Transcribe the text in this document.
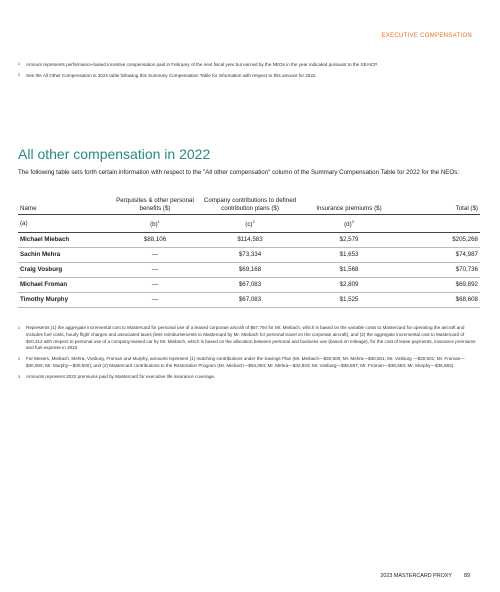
EXECUTIVE COMPENSATION
1	Amount represents performance-based incentive compensation paid in February of the next fiscal year but earned by the NEOs in the year indicated pursuant to the SEAICP.
2	See the All Other Compensation in 2022 table following this Summary Compensation Table for information with respect to this amount for 2022.
All other compensation in 2022
The following table sets forth certain information with respect to the "All other compensation" column of the Summary Compensation Table for 2022 for the NEOs:
Name	Perquisites & other personal benefits ($)	Company contributions to defined contribution plans ($)	Insurance premiums ($)	Total ($)
(a)	$(b)^1$	$(c)^2$	$(d)^3$	
Michael Miebach	$88,106	$114,583	$2,579	$205,268
Sachin Mehra	—	$73,334	$1,653	$74,987
Craig Vosburg	—	$69,168	$1,568	$70,736
Michael Froman	—	$67,083	$2,809	$69,892
Timothy Murphy	—	$67,083	$1,525	$68,608
1	Represents (1) the aggregate incremental cost to Mastercard for personal use of a leased corporate aircraft of $67,794 for Mr. Miebach, which is based on the variable costs to Mastercard for operating the aircraft and includes fuel costs, hourly flight charges and associated taxes (less reimbursements to Mastercard by Mr. Miebach for personal travel on the corporate aircraft), and (2) the aggregate incremental cost to Mastercard of $20,312 with respect to personal use of a company-leased car by Mr. Miebach, which is based on the allocation between personal and business use (based on mileage), for the cost of lease payments, insurance premiums and fuel expense in 2022.
2	For Messrs. Miebach, Mehra, Vosburg, Froman and Murphy, amounts represent (1) matching contributions under the Savings Plan (Mr. Miebach—$30,500; Mr. Mehra—$30,501; Mr. Vosburg —$30,501; Mr. Froman—$30,500; Mr. Murphy—$30,500); and (2) Mastercard contributions to the Restoration Program (Mr. Miebach—$84,083; Mr. Mehra—$42,833; Mr. Vosburg—$38,667; Mr. Froman—$36,583; Mr. Murphy—$36,583).
3	Amounts represent 2022 premiums paid by Mastercard for executive life insurance coverage.
2023 MASTERCARD PROXY 89
